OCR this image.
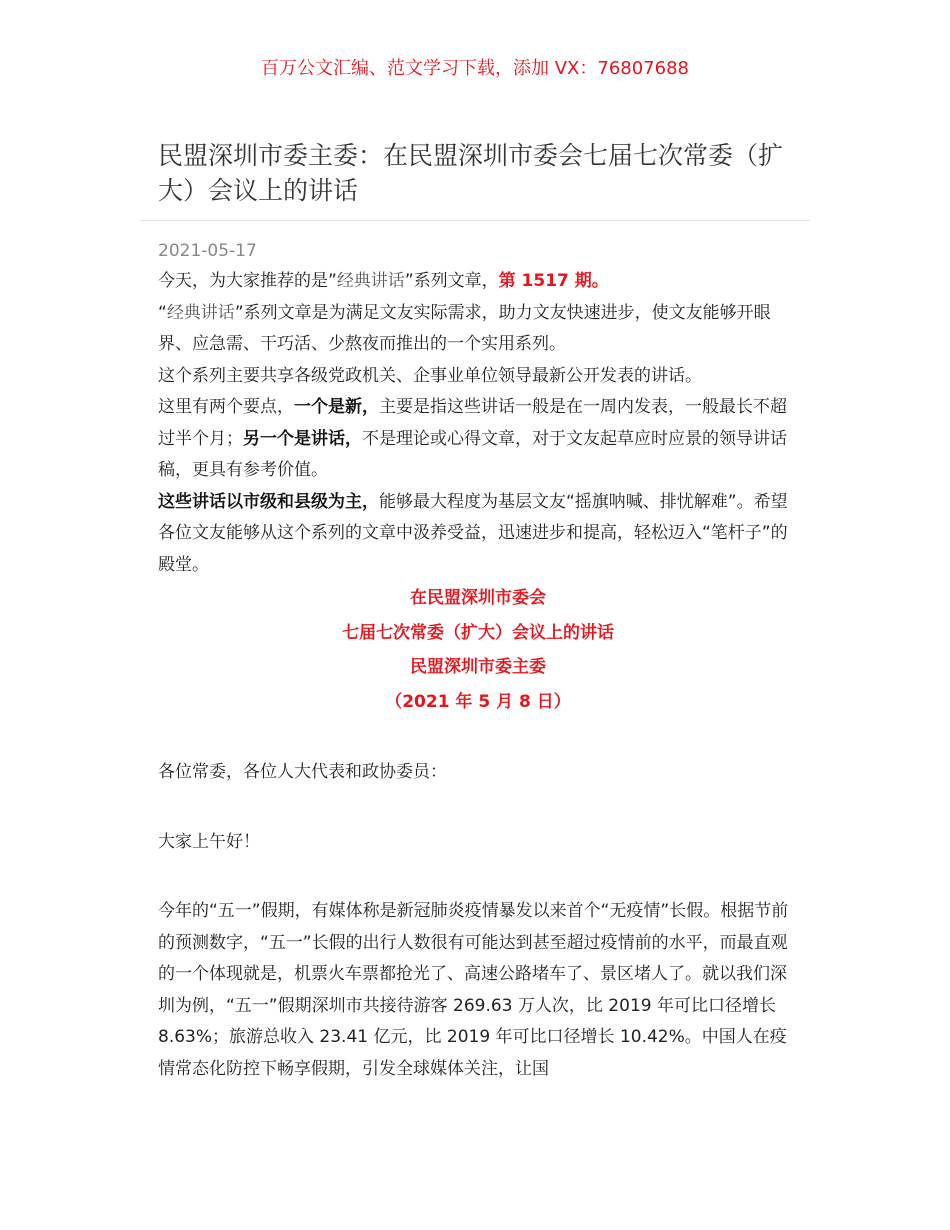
百万公文汇编、范文学习下载，添加 VX：76807688
民盟深圳市委主委：在民盟深圳市委会七届七次常委（扩大）会议上的讲话
2021-05-17

今天，为大家推荐的是”经典讲话”系列文章，第 1517 期。

“经典讲话”系列文章是为满足文友实际需求，助力文友快速进步，使文友能够开眼界、应急需、干巧活、少熬夜而推出的一个实用系列。

这个系列主要共享各级党政机关、企事业单位领导最新公开发表的讲话。

这里有两个要点，一个是新，主要是指这些讲话一般是在一周内发表，一般最长不超过半个月；另一个是讲话，不是理论或心得文章，对于文友起草应时应景的领导讲话稿，更具有参考价值。

这些讲话以市级和县级为主，能够最大程度为基层文友“摇旗呐喊、排忧解难”。希望各位文友能够从这个系列的文章中汲养受益，迅速进步和提高，轻松迈入“笔杆子”的殿堂。

在民盟深圳市委会

七届七次常委（扩大）会议上的讲话

民盟深圳市委主委

（2021 年 5 月 8 日）

各位常委，各位人大代表和政协委员：

大家上午好！

今年的“五一”假期，有媒体称是新冠肺炎疫情暴发以来首个“无疫情”长假。根据节前的预测数字，“五一”长假的出行人数很有可能达到甚至超过疫情前的水平，而最直观的一个体现就是，机票火车票都抢光了、高速公路堵车了、景区堵人了。就以我们深圳为例，“五一”假期深圳市共接待游客 269.63 万人次，比 2019 年可比口径增长 8.63%；旅游总收入 23.41 亿元，比 2019 年可比口径增长 10.42%。中国人在疫情常态化防控下畅享假期，引发全球媒体关注，让国
